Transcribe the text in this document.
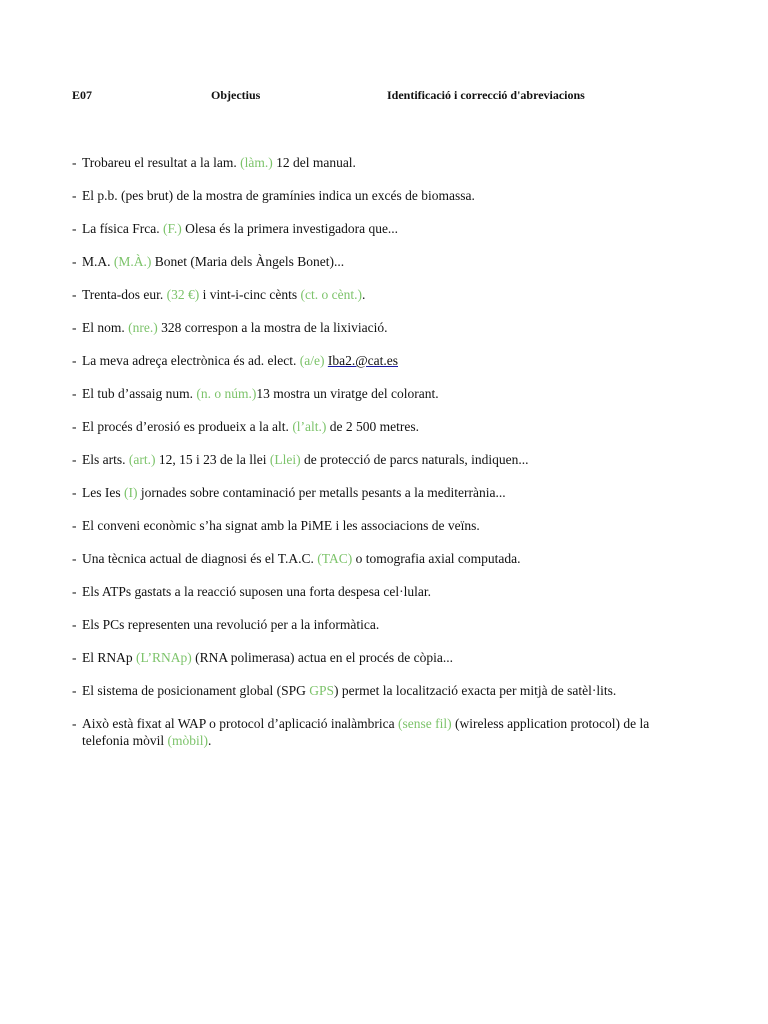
E07	Objectius	Identificació i correcció d'abreviacions
- Trobareu el resultat a la lam. (làm.) 12 del manual.
- El p.b. (pes brut) de la mostra de gramínies indica un excés de biomassa.
- La física Frca. (F.) Olesa és la primera investigadora que...
- M.A. (M.À.) Bonet (Maria dels Àngels Bonet)...
- Trenta-dos eur. (32 €) i vint-i-cinc cènts (ct. o cènt.).
- El nom. (nre.) 328 correspon a la mostra de la lixiviació.
- La meva adreça electrònica és ad. elect. (a/e) Iba2.@cat.es
- El tub d’assaig num. (n. o núm.)13 mostra un viratge del colorant.
- El procés d’erosió es produeix a la alt. (l’alt.) de 2 500 metres.
- Els arts. (art.) 12, 15 i 23 de la llei (Llei) de protecció de parcs naturals, indiquen...
- Les Ies (I) jornades sobre contaminació per metalls pesants a la mediterrània...
- El conveni econòmic s’ha signat amb la PiME i les associacions de veïns.
- Una tècnica actual de diagnosi és el T.A.C. (TAC) o tomografia axial computada.
- Els ATPs gastats a la reacció suposen una forta despesa cel·lular.
- Els PCs representen una revolució per a la informàtica.
- El RNAp (L’RNAp) (RNA polimerasa) actua en el procés de còpia...
- El sistema de posicionament global (SPG GPS) permet la localització exacta per mitjà de satèl·lits.
- Això està fixat al WAP o protocol d’aplicació inalàmbrica (sense fil) (wireless application protocol) de la telefonia mòvil (mòbil).
